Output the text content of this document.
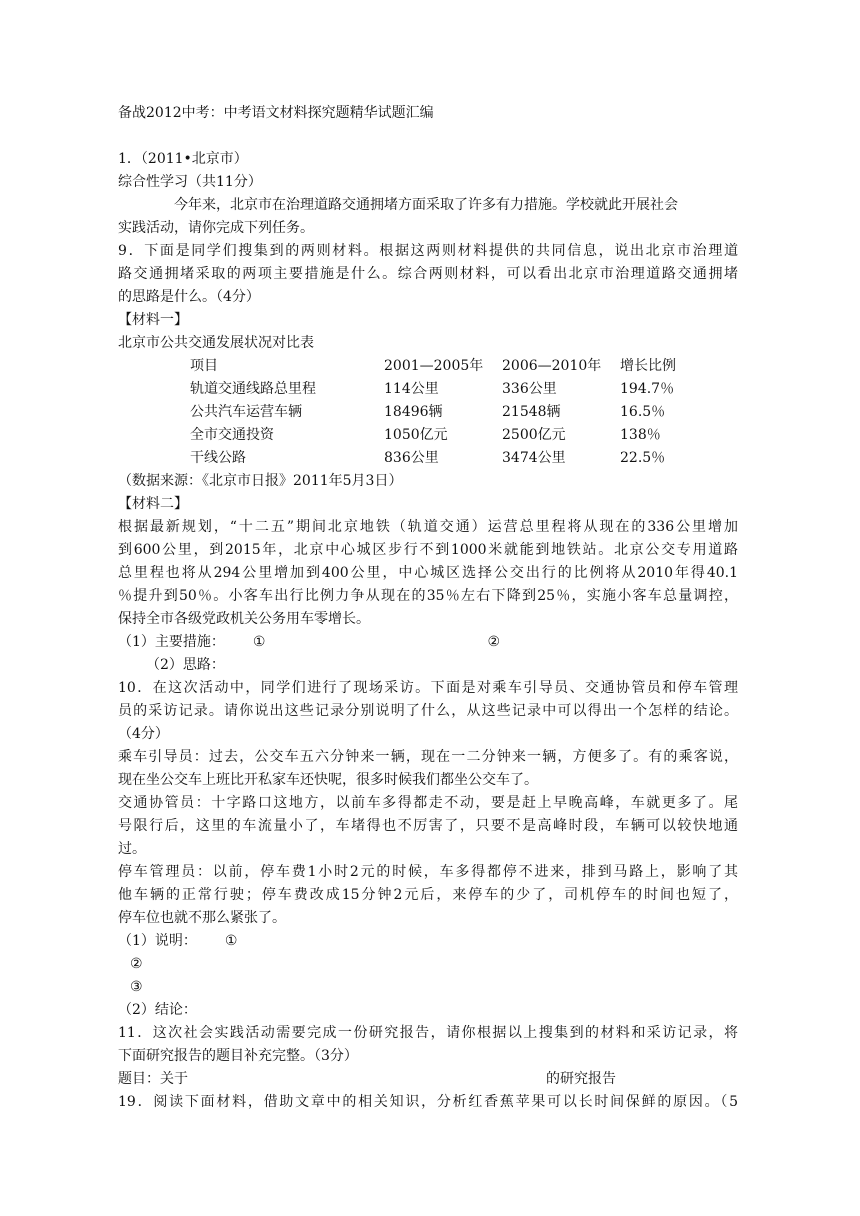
备战2012中考：中考语文材料探究题精华试题汇编
1．（2011•北京市）
综合性学习（共11分）
今年来，北京市在治理道路交通拥堵方面采取了许多有力措施。学校就此开展社会
实践活动，请你完成下列任务。
9．下面是同学们搜集到的两则材料。根据这两则材料提供的共同信息，说出北京市治理道
路交通拥堵采取的两项主要措施是什么。综合两则材料，可以看出北京市治理道路交通拥堵
的思路是什么。（4分）
【材料一】
北京市公共交通发展状况对比表
项目	2001—2005年 2006—2010年 增长比例
轨道交通线路总里程	114公里	336公里	194.7％
公共汽车运营车辆	18496辆	21548辆	16.5％
全市交通投资	1050亿元	2500亿元	138％
干线公路	836公里	3474公里	22.5％
（数据来源：《北京市日报》2011年5月3日）
【材料二】
根据最新规划，“十二五”期间北京地铁（轨道交通）运营总里程将从现在的336公里增加
到600公里，到2015年，北京中心城区步行不到1000米就能到地铁站。北京公交专用道路
总里程也将从294公里增加到400公里，中心城区选择公交出行的比例将从2010年得40.1
％提升到50％。小客车出行比例力争从现在的35％左右下降到25％，实施小客车总量调控，
保持全市各级党政机关公务用车零增长。
（1）主要措施： ①	②
（2）思路：
10．在这次活动中，同学们进行了现场采访。下面是对乘车引导员、交通协管员和停车管理
员的采访记录。请你说出这些记录分别说明了什么，从这些记录中可以得出一个怎样的结论。
（4分）
乘车引导员：过去，公交车五六分钟来一辆，现在一二分钟来一辆，方便多了。有的乘客说，
现在坐公交车上班比开私家车还快呢，很多时候我们都坐公交车了。
交通协管员：十字路口这地方，以前车多得都走不动，要是赶上早晚高峰，车就更多了。尾
号限行后，这里的车流量小了，车堵得也不厉害了，只要不是高峰时段，车辆可以较快地通
过。
停车管理员：以前，停车费1小时2元的时候，车多得都停不进来，排到马路上，影响了其
他车辆的正常行驶；停车费改成15分钟2元后，来停车的少了，司机停车的时间也短了，
停车位也就不那么紧张了。
（1）说明： ①
②
③
（2）结论：
11．这次社会实践活动需要完成一份研究报告，请你根据以上搜集到的材料和采访记录，将
下面研究报告的题目补充完整。（3分）
题目：关于	的研究报告
19．阅读下面材料，借助文章中的相关知识，分析红香蕉苹果可以长时间保鲜的原因。（5
